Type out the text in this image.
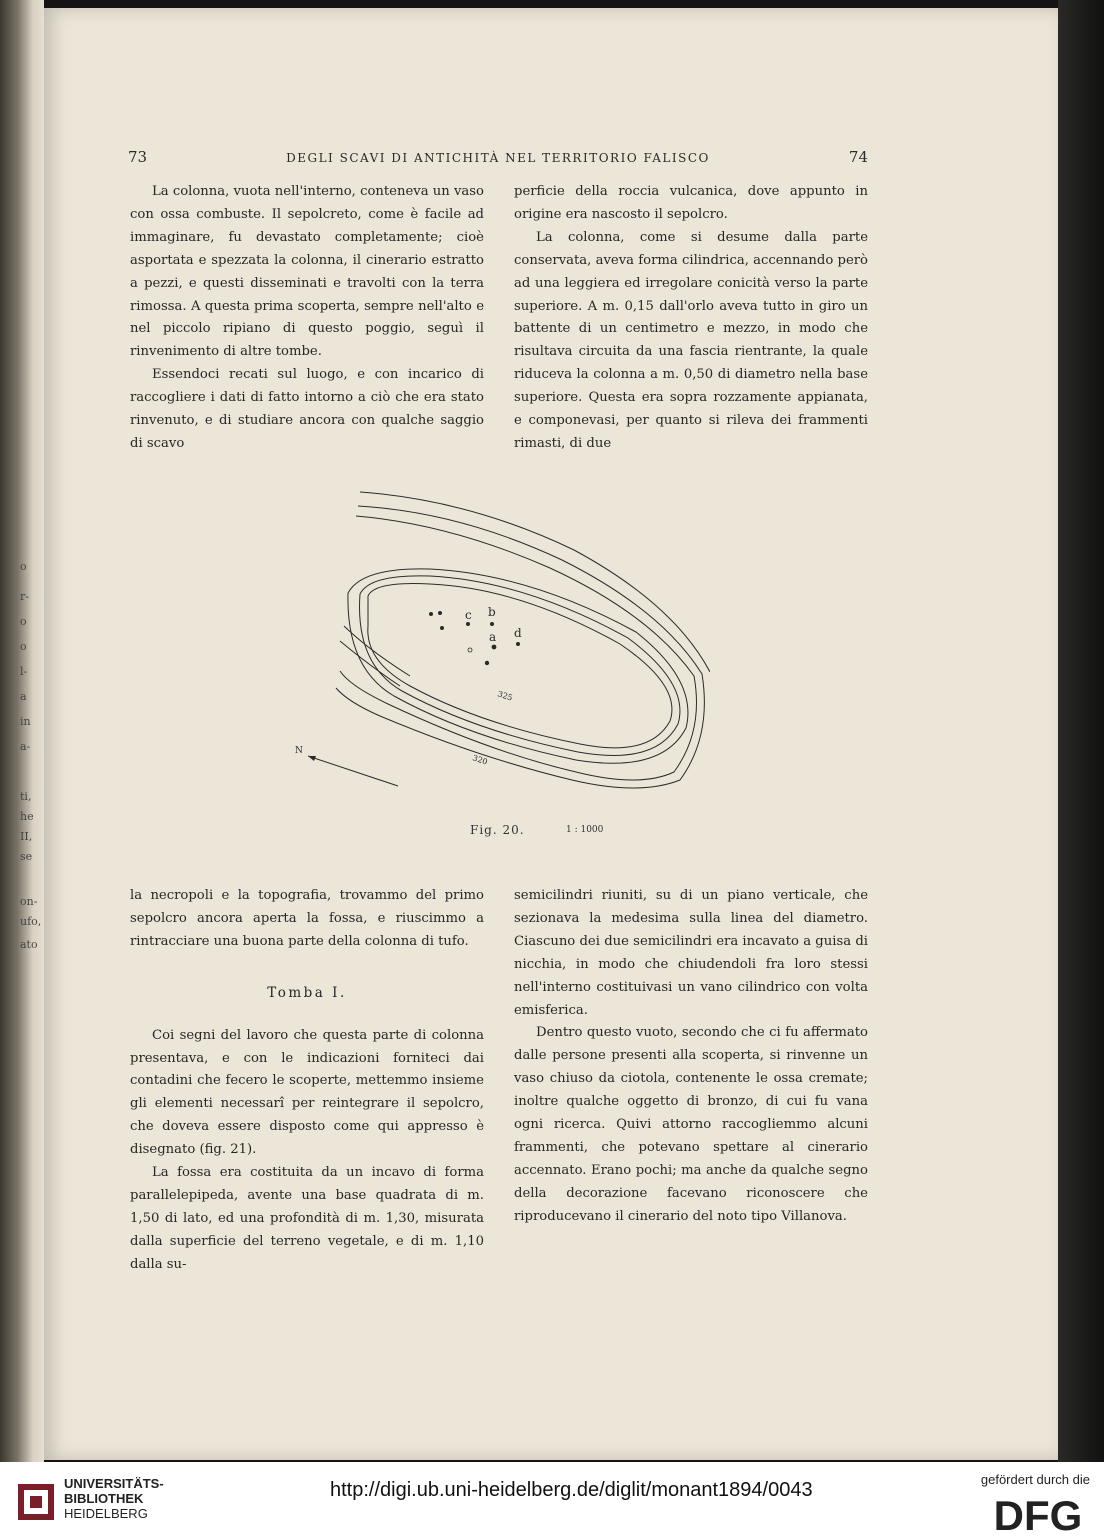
o
r-
o
o
l-
a
in
a-
ti,
he
II,
se
on-
ufo,
ato
73	DEGLI SCAVI DI ANTICHITÀ NEL TERRITORIO FALISCO	74

La colonna, vuota nell'interno, conteneva un vaso con ossa combuste. Il sepolcreto, come è facile ad immaginare, fu devastato completamente; cioè asportata e spezzata la colonna, il cinerario estratto a pezzi, e questi disseminati e travolti con la terra rimossa. A questa prima scoperta, sempre nell'alto e nel piccolo ripiano di questo poggio, seguì il rinvenimento di altre tombe.

Essendoci recati sul luogo, e con incarico di raccogliere i dati di fatto intorno a ciò che era stato rinvenuto, e di studiare ancora con qualche saggio di scavo

perficie della roccia vulcanica, dove appunto in origine era nascosto il sepolcro.

La colonna, come si desume dalla parte conservata, aveva forma cilindrica, accennando però ad una leggiera ed irregolare conicità verso la parte superiore. A m. 0,15 dall'orlo aveva tutto in giro un battente di un centimetro e mezzo, in modo che risultava circuita da una fascia rientrante, la quale riduceva la colonna a m. 0,50 di diametro nella base superiore. Questa era sopra rozzamente appianata, e componevasi, per quanto si rileva dei frammenti rimasti, di due

b
c
a d
N
325
320
Fig. 20.	1 : 1000

la necropoli e la topografia, trovammo del primo sepolcro ancora aperta la fossa, e riuscimmo a rintracciare una buona parte della colonna di tufo.

Tomba I.

Coi segni del lavoro che questa parte di colonna presentava, e con le indicazioni forniteci dai contadini che fecero le scoperte, mettemmo insieme gli elementi necessarî per reintegrare il sepolcro, che doveva essere disposto come qui appresso è disegnato (fig. 21).

La fossa era costituita da un incavo di forma parallelepipeda, avente una base quadrata di m. 1,50 di lato, ed una profondità di m. 1,30, misurata dalla superficie del terreno vegetale, e di m. 1,10 dalla su-

semicilindri riuniti, su di un piano verticale, che sezionava la medesima sulla linea del diametro. Ciascuno dei due semicilindri era incavato a guisa di nicchia, in modo che chiudendoli fra loro stessi nell'interno costituivasi un vano cilindrico con volta emisferica.

Dentro questo vuoto, secondo che ci fu affermato dalle persone presenti alla scoperta, si rinvenne un vaso chiuso da ciotola, contenente le ossa cremate; inoltre qualche oggetto di bronzo, di cui fu vana ogni ricerca. Quivi attorno raccogliemmo alcuni frammenti, che potevano spettare al cinerario accennato. Erano pochi; ma anche da qualche segno della decorazione facevano riconoscere che riproducevano il cinerario del noto tipo Villanova.

UNIVERSITÄTS-
BIBLIOTHEK
HEIDELBERG
http://digi.ub.uni-heidelberg.de/diglit/monant1894/0043	gefördert durch die
DFG
